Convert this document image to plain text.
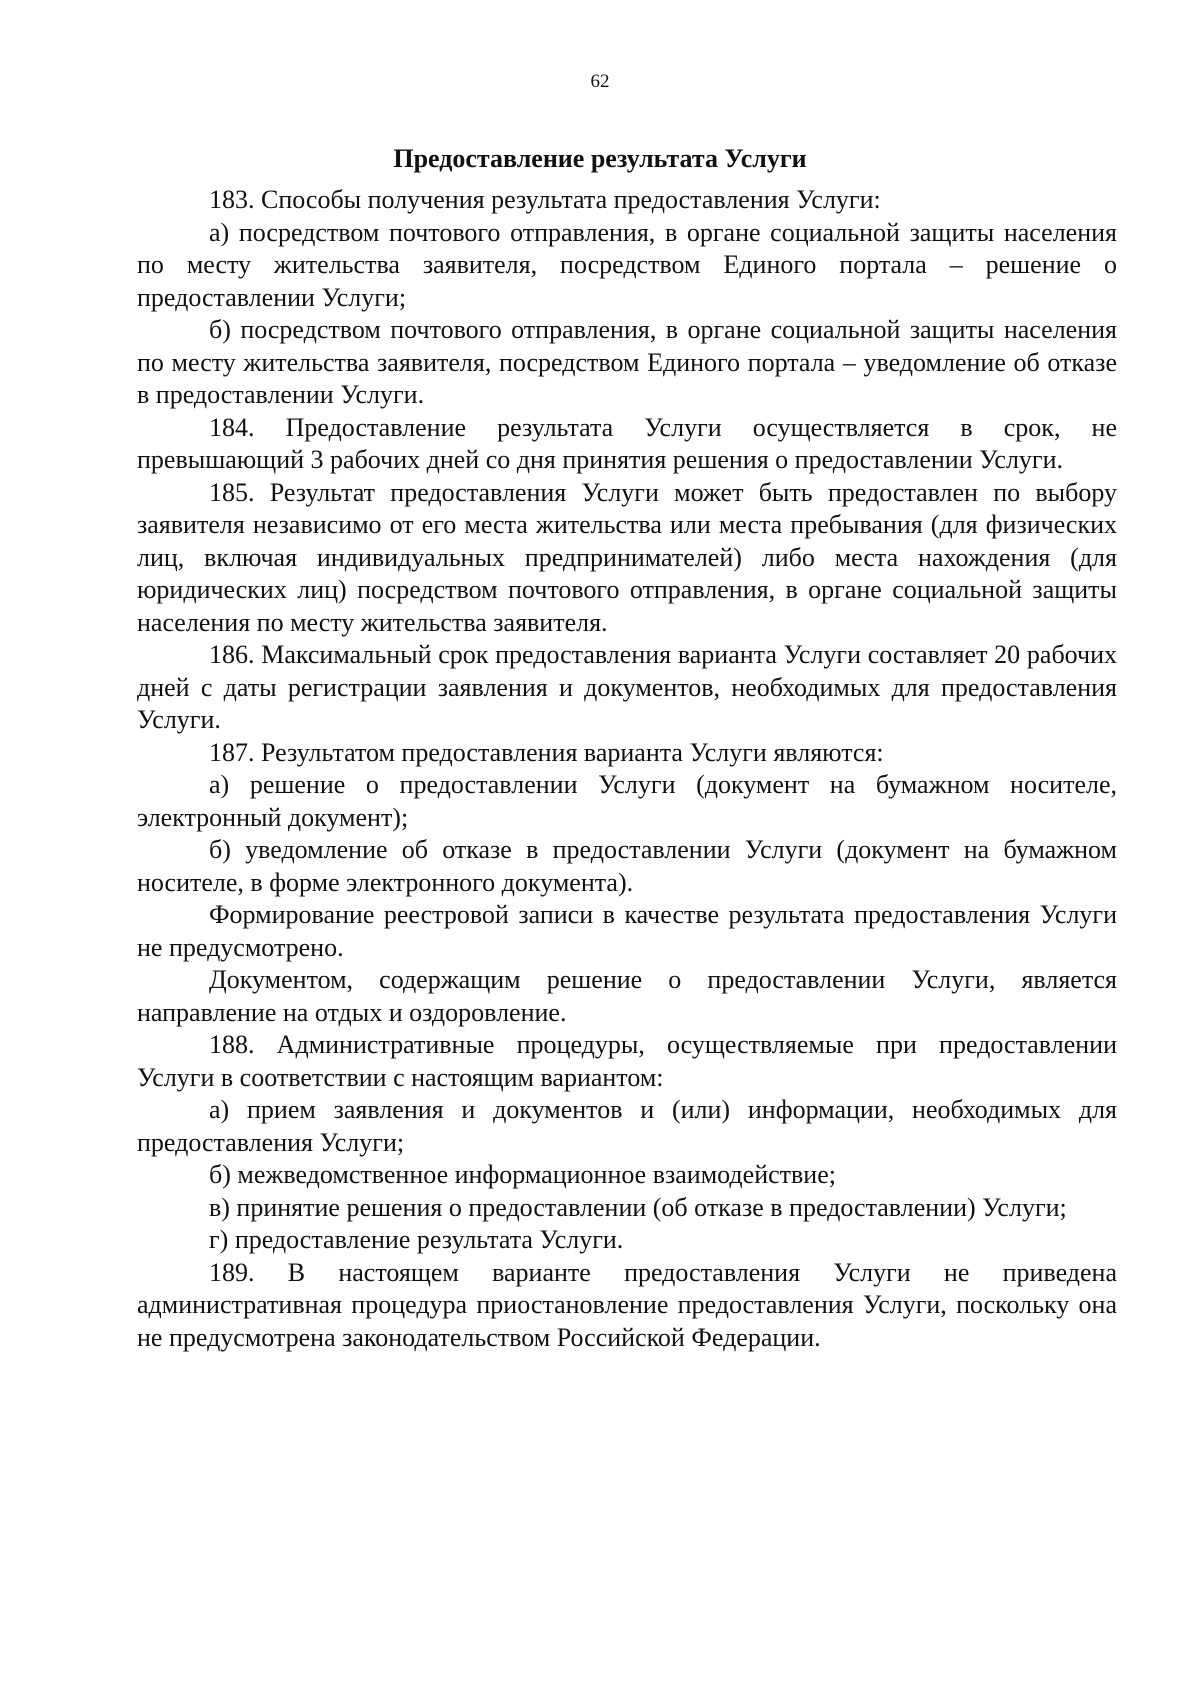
62
Предоставление результата Услуги

183. Способы получения результата предоставления Услуги:

а) посредством почтового отправления, в органе социальной защиты населения по месту жительства заявителя, посредством Единого портала – решение о предоставлении Услуги;

б) посредством почтового отправления, в органе социальной защиты населения по месту жительства заявителя, посредством Единого портала – уведомление об отказе в предоставлении Услуги.

184. Предоставление результата Услуги осуществляется в срок, не превышающий 3 рабочих дней со дня принятия решения о предоставлении Услуги.

185. Результат предоставления Услуги может быть предоставлен по выбору заявителя независимо от его места жительства или места пребывания (для физических лиц, включая индивидуальных предпринимателей) либо места нахождения (для юридических лиц) посредством почтового отправления, в органе социальной защиты населения по месту жительства заявителя.

186. Максимальный срок предоставления варианта Услуги составляет 20 рабочих дней с даты регистрации заявления и документов, необходимых для предоставления Услуги.

187. Результатом предоставления варианта Услуги являются:

а) решение о предоставлении Услуги (документ на бумажном носителе, электронный документ);

б) уведомление об отказе в предоставлении Услуги (документ на бумажном носителе, в форме электронного документа).

Формирование реестровой записи в качестве результата предоставления Услуги не предусмотрено.

Документом, содержащим решение о предоставлении Услуги, является направление на отдых и оздоровление.

188. Административные процедуры, осуществляемые при предоставлении Услуги в соответствии с настоящим вариантом:

а) прием заявления и документов и (или) информации, необходимых для предоставления Услуги;

б) межведомственное информационное взаимодействие;

в) принятие решения о предоставлении (об отказе в предоставлении) Услуги;

г) предоставление результата Услуги.

189. В настоящем варианте предоставления Услуги не приведена административная процедура приостановление предоставления Услуги, поскольку она не предусмотрена законодательством Российской Федерации.
